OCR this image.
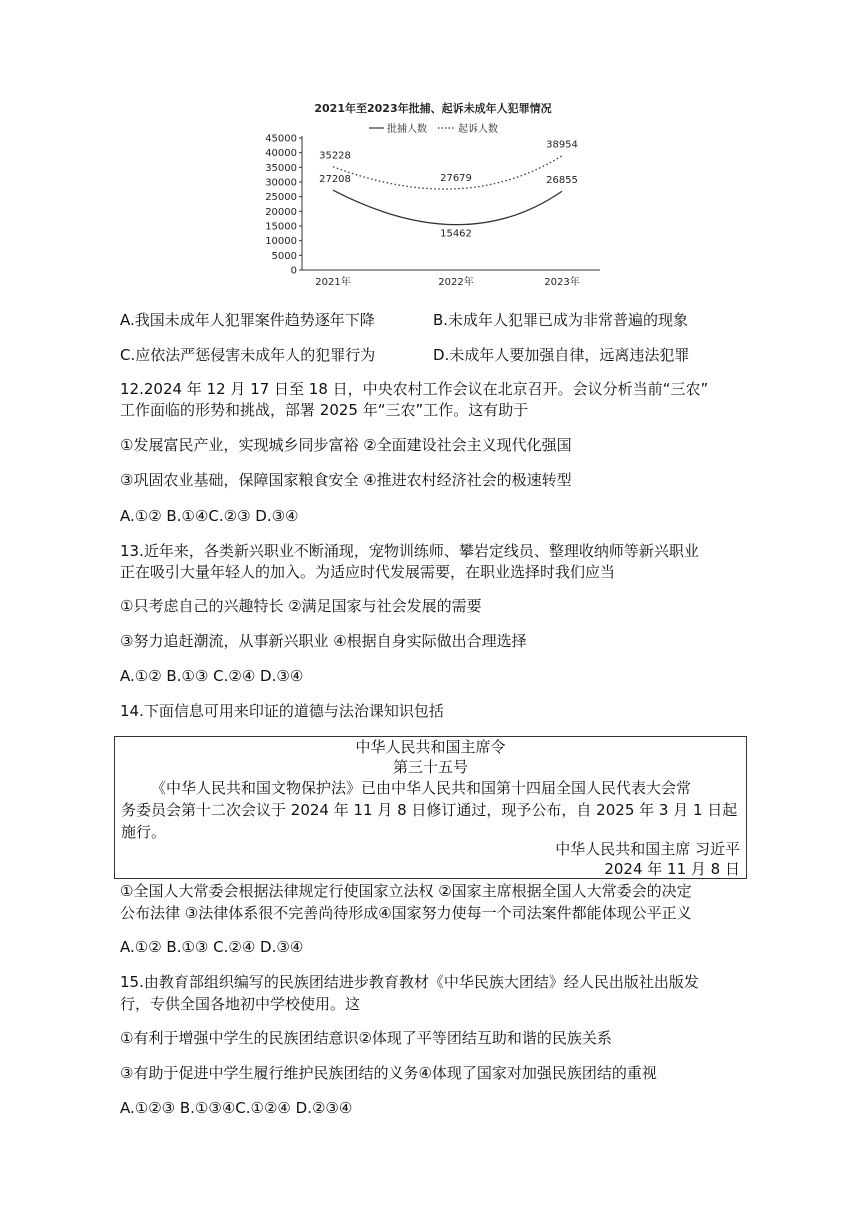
2021年至2023年批捕、起诉未成年人犯罪情况
批捕人数	起诉人数
45000
40000
35000
30000
25000
20000
15000
10000
5000
0
2021年	2022年	2023年
27208
15462
26855
35228
27679
38954
A.我国未成年人犯罪案件趋势逐年下降	B.未成年人犯罪已成为非常普遍的现象
C.应依法严惩侵害未成年人的犯罪行为	D.未成年人要加强自律，远离违法犯罪
12.2024 年 12 月 17 日至 18 日，中央农村工作会议在北京召开。会议分析当前“三农”
工作面临的形势和挑战，部署 2025 年“三农”工作。这有助于
①发展富民产业，实现城乡同步富裕 ②全面建设社会主义现代化强国
③巩固农业基础，保障国家粮食安全 ④推进农村经济社会的极速转型
A.①② B.①④C.②③ D.③④
13.近年来，各类新兴职业不断涌现，宠物训练师、攀岩定线员、整理收纳师等新兴职业
正在吸引大量年轻人的加入。为适应时代发展需要，在职业选择时我们应当
①只考虑自己的兴趣特长 ②满足国家与社会发展的需要
③努力追赶潮流，从事新兴职业 ④根据自身实际做出合理选择
A.①② B.①③ C.②④ D.③④
14.下面信息可用来印证的道德与法治课知识包括
中华人民共和国主席令
第三十五号
《中华人民共和国文物保护法》已由中华人民共和国第十四届全国人民代表大会常
务委员会第十二次会议于 2024 年 11 月 8 日修订通过，现予公布，自 2025 年 3 月 1 日起
施行。
中华人民共和国主席 习近平
2024 年 11 月 8 日
①全国人大常委会根据法律规定行使国家立法权 ②国家主席根据全国人大常委会的决定
公布法律 ③法律体系很不完善尚待形成④国家努力使每一个司法案件都能体现公平正义
A.①② B.①③ C.②④ D.③④
15.由教育部组织编写的民族团结进步教育教材《中华民族大团结》经人民出版社出版发
行，专供全国各地初中学校使用。这
①有利于增强中学生的民族团结意识②体现了平等团结互助和谐的民族关系
③有助于促进中学生履行维护民族团结的义务④体现了国家对加强民族团结的重视
A.①②③ B.①③④C.①②④ D.②③④
